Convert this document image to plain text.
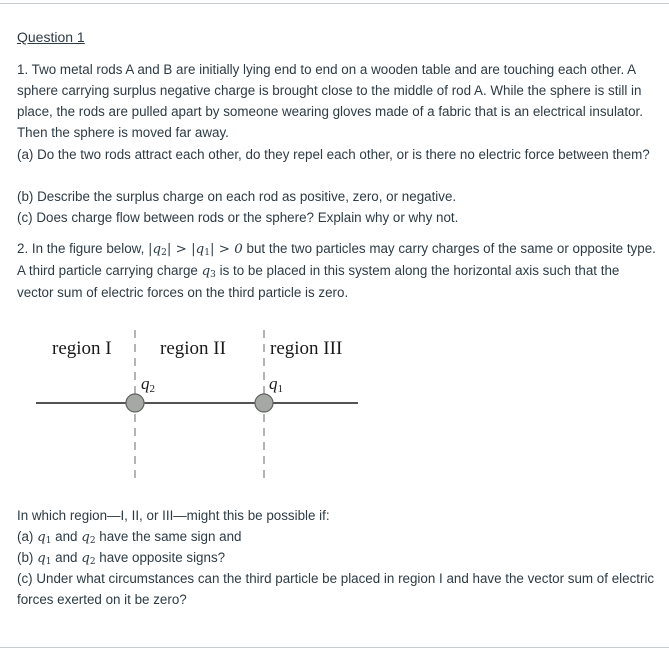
Question 1

1. Two metal rods A and B are initially lying end to end on a wooden table and are touching each other. A sphere carrying surplus negative charge is brought close to the middle of rod A. While the sphere is still in place, the rods are pulled apart by someone wearing gloves made of a fabric that is an electrical insulator. Then the sphere is moved far away.

(a) Do the two rods attract each other, do they repel each other, or is there no electric force between them?

(b) Describe the surplus charge on each rod as positive, zero, or negative.

(c) Does charge flow between rods or the sphere? Explain why or why not.

2. In the figure below, $|q_2| > |q_1| > 0$ but the two particles may carry charges of the same or opposite type. A third particle carrying charge $q_3$ is to be placed in this system along the horizontal axis such that the vector sum of electric forces on the third particle is zero.

region I	region II region III
q2	q1

In which region—I, II, or III—might this be possible if:

(a) $q_1$ and $q_2$ have the same sign and

(b) $q_1$ and $q_2$ have opposite signs?

(c) Under what circumstances can the third particle be placed in region I and have the vector sum of electric forces exerted on it be zero?
